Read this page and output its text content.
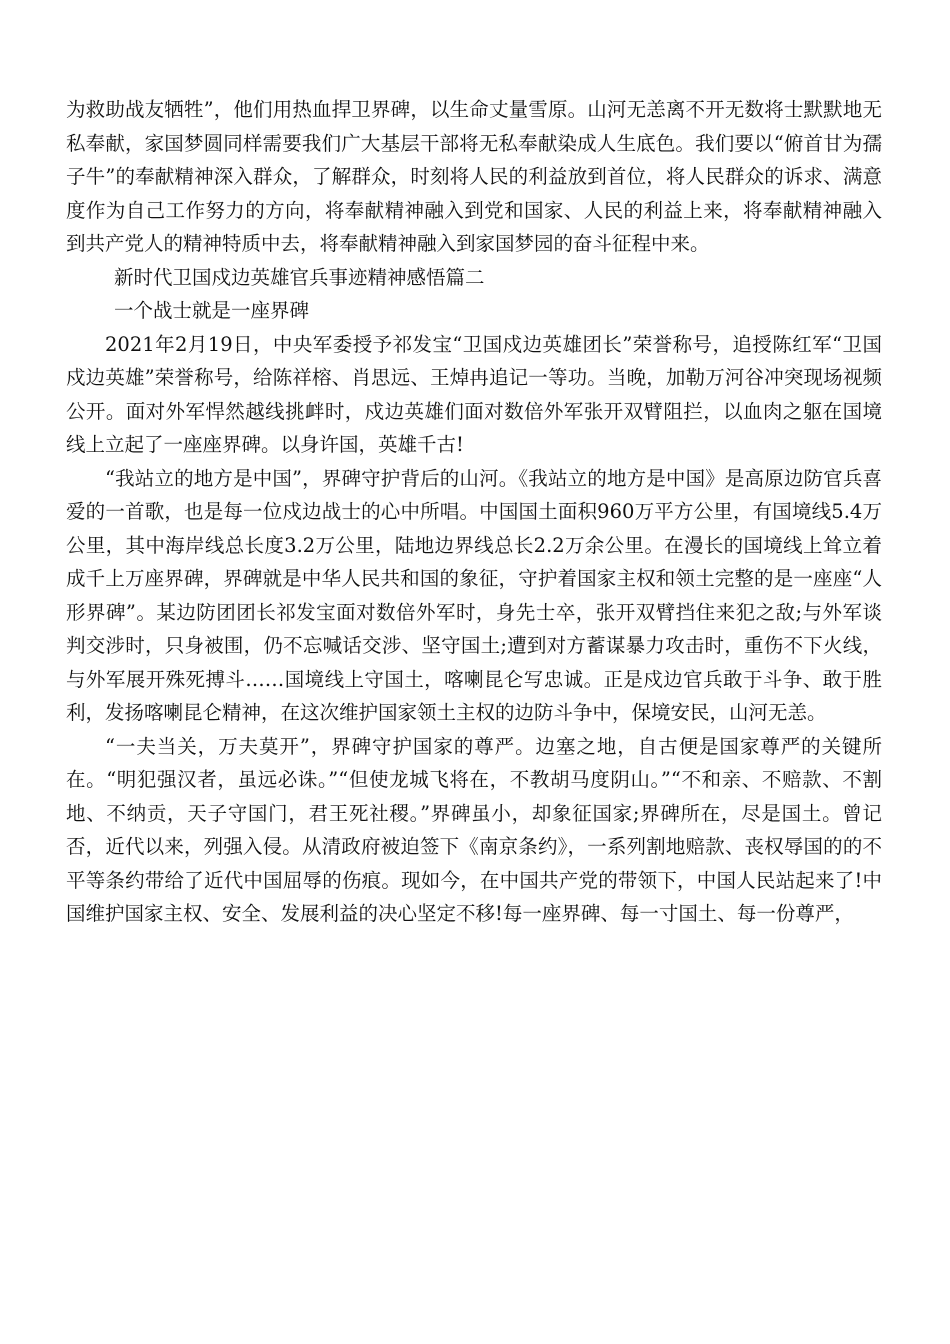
为救助战友牺牲”，他们用热血捍卫界碑，以生命丈量雪原。山河无恙离不开无数将士默默地无私奉献，家国梦圆同样需要我们广大基层干部将无私奉献染成人生底色。我们要以“俯首甘为孺子牛”的奉献精神深入群众，了解群众，时刻将人民的利益放到首位，将人民群众的诉求、满意度作为自己工作努力的方向，将奉献精神融入到党和国家、人民的利益上来，将奉献精神融入到共产党人的精神特质中去，将奉献精神融入到家国梦园的奋斗征程中来。

新时代卫国戍边英雄官兵事迹精神感悟篇二

一个战士就是一座界碑

2021年2月19日，中央军委授予祁发宝“卫国戍边英雄团长”荣誉称号，追授陈红军“卫国戍边英雄”荣誉称号，给陈祥榕、肖思远、王焯冉追记一等功。当晚，加勒万河谷冲突现场视频公开。面对外军悍然越线挑衅时，戍边英雄们面对数倍外军张开双臂阻拦，以血肉之躯在国境线上立起了一座座界碑。以身许国，英雄千古!

“我站立的地方是中国”，界碑守护背后的山河。《我站立的地方是中国》是高原边防官兵喜爱的一首歌，也是每一位戍边战士的心中所唱。中国国土面积960万平方公里，有国境线5.4万公里，其中海岸线总长度3.2万公里，陆地边界线总长2.2万余公里。在漫长的国境线上耸立着成千上万座界碑，界碑就是中华人民共和国的象征，守护着国家主权和领土完整的是一座座“人形界碑”。某边防团团长祁发宝面对数倍外军时，身先士卒，张开双臂挡住来犯之敌;与外军谈判交涉时，只身被围，仍不忘喊话交涉、坚守国土;遭到对方蓄谋暴力攻击时，重伤不下火线，与外军展开殊死搏斗……国境线上守国土，喀喇昆仑写忠诚。正是戍边官兵敢于斗争、敢于胜利，发扬喀喇昆仑精神，在这次维护国家领土主权的边防斗争中，保境安民，山河无恙。

“一夫当关，万夫莫开”，界碑守护国家的尊严。边塞之地，自古便是国家尊严的关键所在。“明犯强汉者，虽远必诛。”“但使龙城飞将在，不教胡马度阴山。”“不和亲、不赔款、不割地、不纳贡，天子守国门，君王死社稷。”界碑虽小，却象征国家;界碑所在，尽是国土。曾记否，近代以来，列强入侵。从清政府被迫签下《南京条约》，一系列割地赔款、丧权辱国的的不平等条约带给了近代中国屈辱的伤痕。现如今，在中国共产党的带领下，中国人民站起来了!中国维护国家主权、安全、发展利益的决心坚定不移!每一座界碑、每一寸国土、每一份尊严，
